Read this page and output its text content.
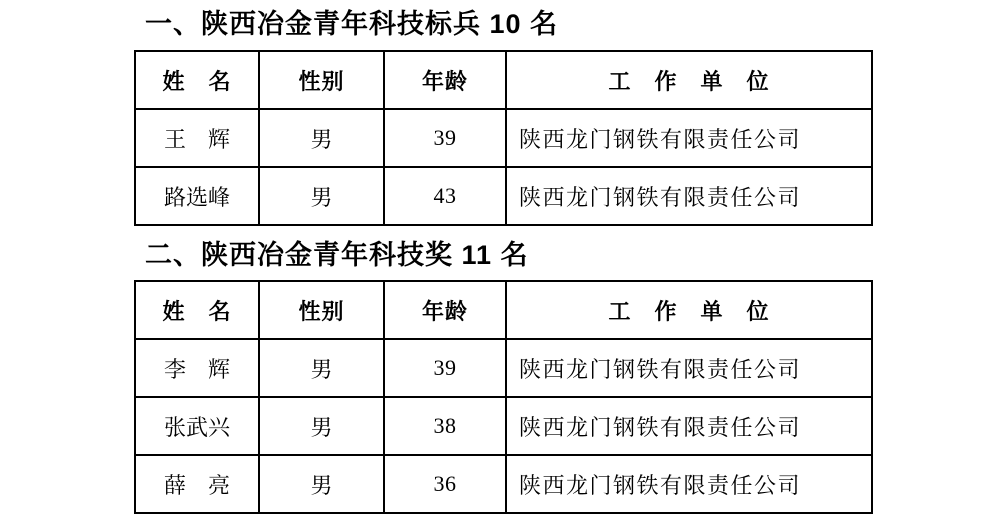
一、陕西冶金青年科技标兵 10 名
姓　名	性别	年龄	工　作　单　位
王　辉	男	39	陕西龙门钢铁有限责任公司
路选峰	男	43	陕西龙门钢铁有限责任公司
二、陕西冶金青年科技奖 11 名
姓　名	性别	年龄	工　作　单　位
李　辉	男	39	陕西龙门钢铁有限责任公司
张武兴	男	38	陕西龙门钢铁有限责任公司
薛　亮	男	36	陕西龙门钢铁有限责任公司
